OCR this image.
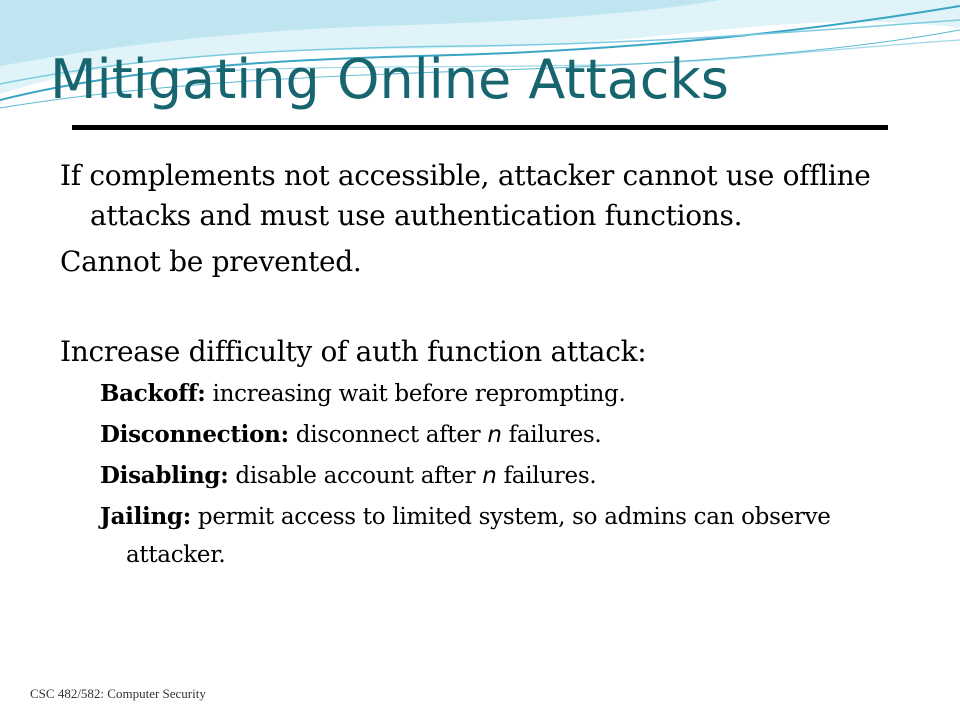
Mitigating Online Attacks

If complements not accessible, attacker cannot use offline attacks and must use authentication functions.

Cannot be prevented.

Increase difficulty of auth function attack:

Backoff: increasing wait before reprompting.

Disconnection: disconnect after n failures.

Disabling: disable account after n failures.

Jailing: permit access to limited system, so admins can observe attacker.

CSC 482/582: Computer Security
